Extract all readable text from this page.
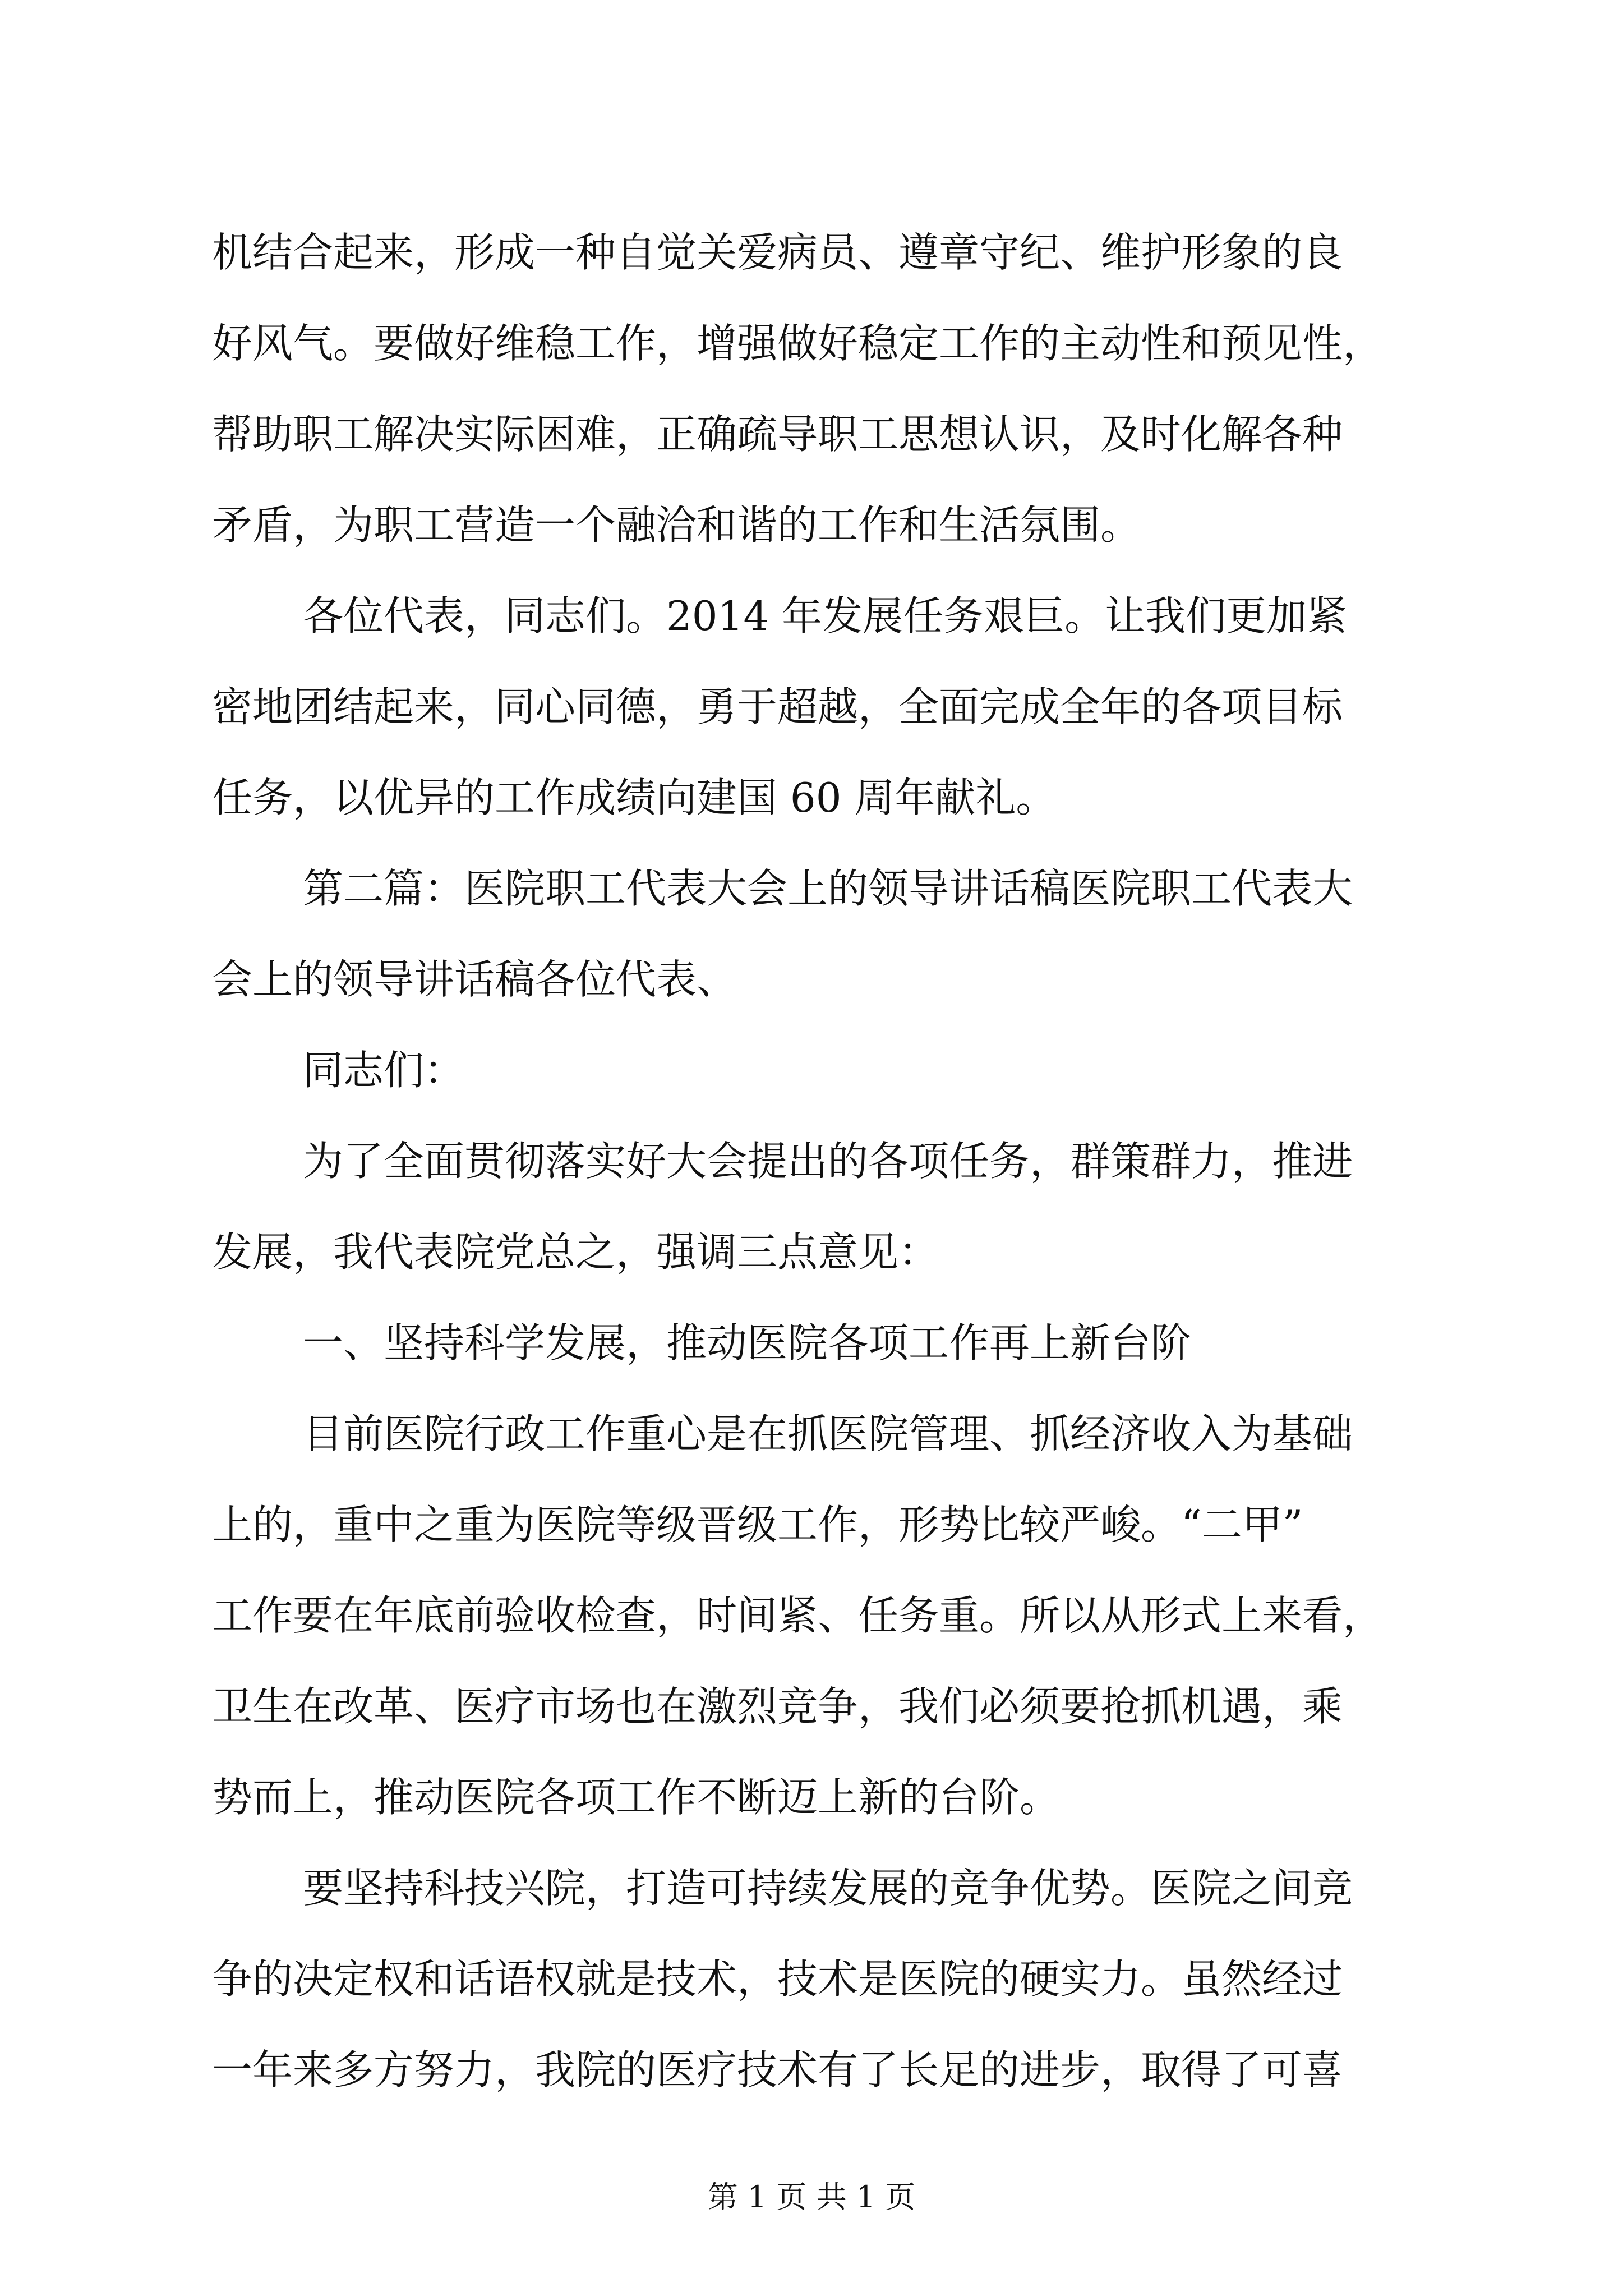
机结合起来，形成一种自觉关爱病员、遵章守纪、维护形象的良

好风气。要做好维稳工作，增强做好稳定工作的主动性和预见性，

帮助职工解决实际困难，正确疏导职工思想认识，及时化解各种

矛盾，为职工营造一个融洽和谐的工作和生活氛围。

各位代表，同志们。2014 年发展任务艰巨。让我们更加紧

密地团结起来，同心同德，勇于超越，全面完成全年的各项目标

任务，以优异的工作成绩向建国 60 周年献礼。

第二篇：医院职工代表大会上的领导讲话稿医院职工代表大

会上的领导讲话稿各位代表、

同志们：

为了全面贯彻落实好大会提出的各项任务，群策群力，推进

发展，我代表院党总之，强调三点意见：

一、坚持科学发展，推动医院各项工作再上新台阶

目前医院行政工作重心是在抓医院管理、抓经济收入为基础

上的，重中之重为医院等级晋级工作，形势比较严峻。“二甲”

工作要在年底前验收检查，时间紧、任务重。所以从形式上来看，

卫生在改革、医疗市场也在激烈竞争，我们必须要抢抓机遇，乘

势而上，推动医院各项工作不断迈上新的台阶。

要坚持科技兴院，打造可持续发展的竞争优势。医院之间竞

争的决定权和话语权就是技术，技术是医院的硬实力。虽然经过

一年来多方努力，我院的医疗技术有了长足的进步，取得了可喜

第 1 页 共 1 页
